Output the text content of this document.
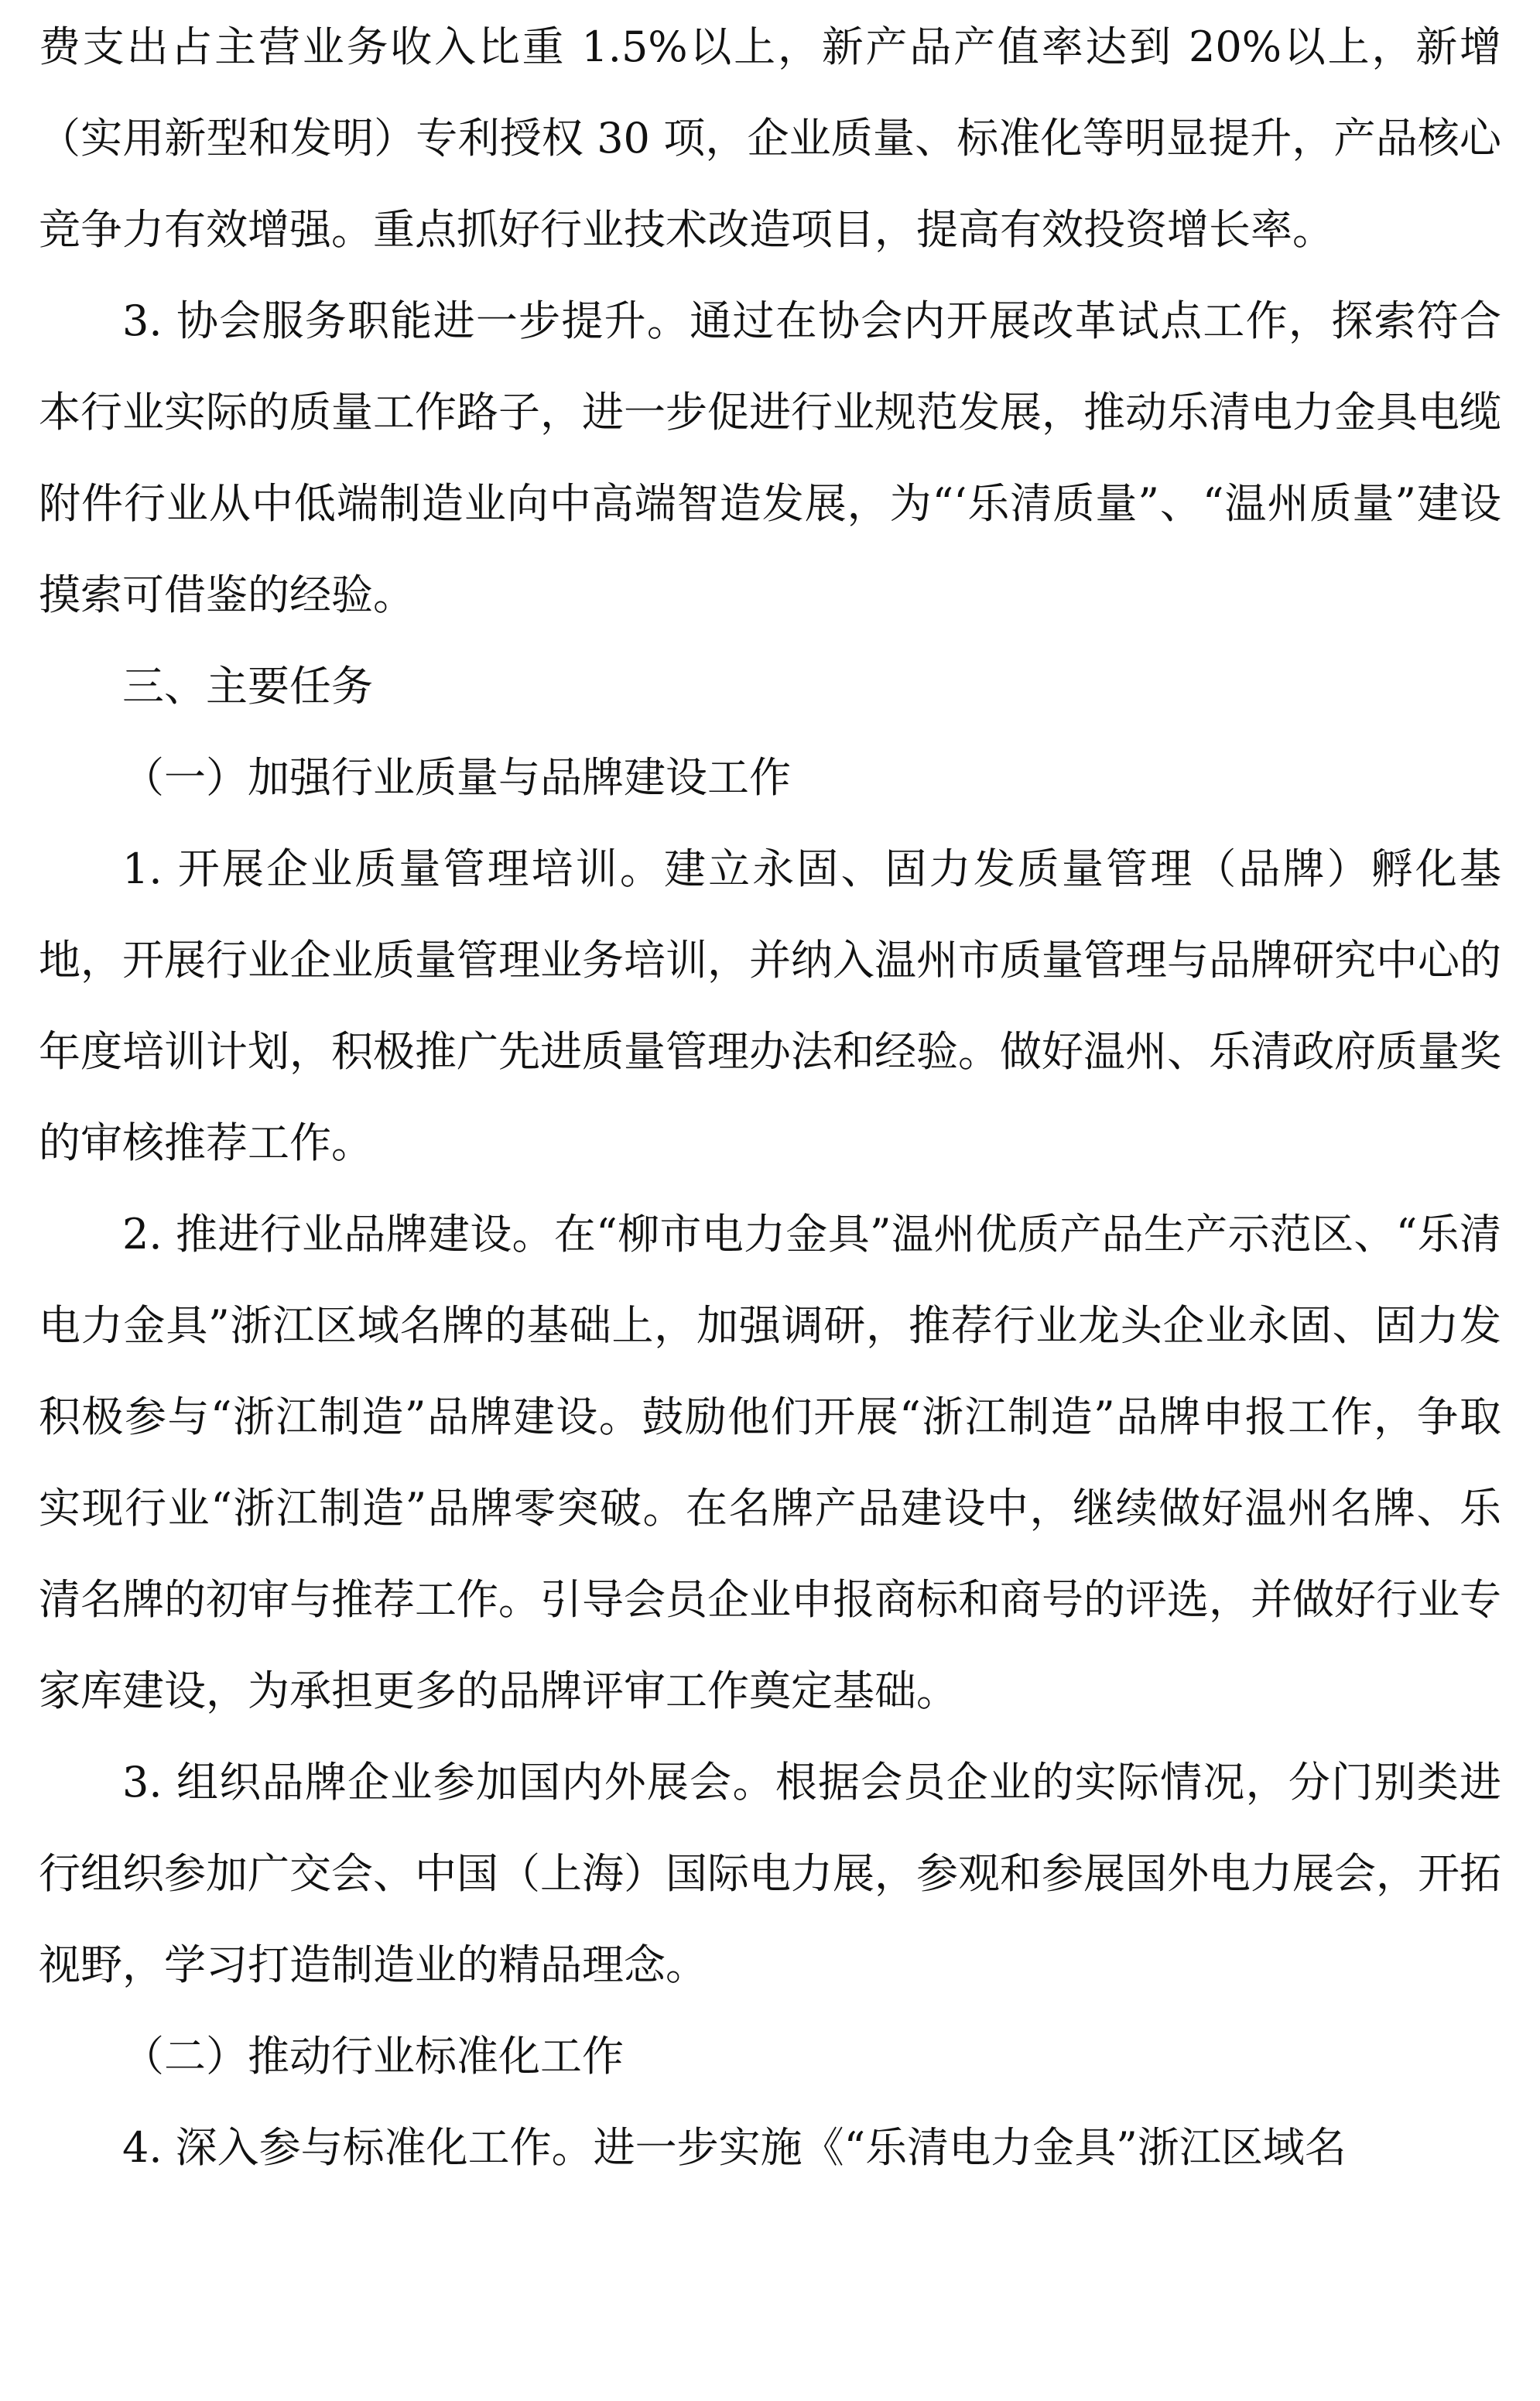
费支出占主营业务收入比重 1.5%以上，新产品产值率达到 20%以上，新增（实用新型和发明）专利授权 30 项，企业质量、标准化等明显提升，产品核心竞争力有效增强。重点抓好行业技术改造项目，提高有效投资增长率。

3. 协会服务职能进一步提升。通过在协会内开展改革试点工作，探索符合本行业实际的质量工作路子，进一步促进行业规范发展，推动乐清电力金具电缆附件行业从中低端制造业向中高端智造发展，为“‘乐清质量”、“温州质量”建设摸索可借鉴的经验。

三、主要任务

（一）加强行业质量与品牌建设工作

1. 开展企业质量管理培训。建立永固、固力发质量管理（品牌）孵化基地，开展行业企业质量管理业务培训，并纳入温州市质量管理与品牌研究中心的年度培训计划，积极推广先进质量管理办法和经验。做好温州、乐清政府质量奖的审核推荐工作。

2. 推进行业品牌建设。在“柳市电力金具”温州优质产品生产示范区、“乐清电力金具”浙江区域名牌的基础上，加强调研，推荐行业龙头企业永固、固力发积极参与“浙江制造”品牌建设。鼓励他们开展“浙江制造”品牌申报工作，争取实现行业“浙江制造”品牌零突破。在名牌产品建设中，继续做好温州名牌、乐清名牌的初审与推荐工作。引导会员企业申报商标和商号的评选，并做好行业专家库建设，为承担更多的品牌评审工作奠定基础。

3. 组织品牌企业参加国内外展会。根据会员企业的实际情况，分门别类进行组织参加广交会、中国（上海）国际电力展，参观和参展国外电力展会，开拓视野，学习打造制造业的精品理念。

（二）推动行业标准化工作

4. 深入参与标准化工作。进一步实施《“乐清电力金具”浙江区域名
